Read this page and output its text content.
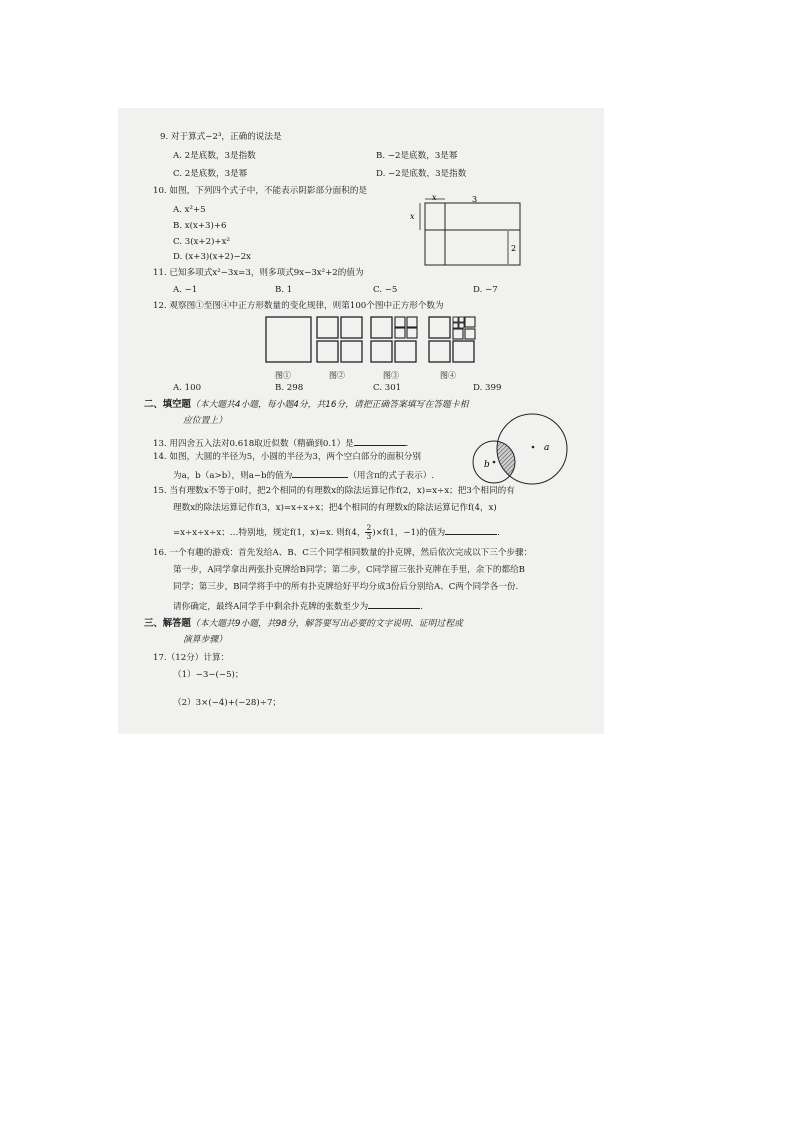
9. 对于算式−2³，正确的说法是
A. 2是底数，3是指数	B. −2是底数，3是幂
C. 2是底数，3是幂	D. −2是底数，3是指数
10. 如图，下列四个式子中，不能表示阴影部分面积的是
A. x²+5
B. x(x+3)+6
C. 3(x+2)+x²
D. (x+3)(x+2)−2x
x	3
x
2
11. 已知多项式x²−3x=3，则多项式9x−3x²+2的值为
A. −1	B. 1	C. −5	D. −7
12. 观察图①至图④中正方形数量的变化规律，则第100个图中正方形个数为
图①	图②	图③	图④
A. 100	B. 298	C. 301	D. 399
二、填空题（本大题共4小题，每小题4分，共16分，请把正确答案填写在答题卡相
应位置上）
13. 用四舍五入法对0.618取近似数（精确到0.1）是	.
14. 如图，大圆的半径为5，小圆的半径为3，两个空白部分的面积分别
为a，b（a>b），则a−b的值为	（用含π的式子表示）.
a
b
15. 当有理数x不等于0时，把2个相同的有理数x的除法运算记作f(2，x)=x÷x；把3个相同的有
理数x的除法运算记作f(3，x)=x÷x÷x；把4个相同的有理数x的除法运算记作f(4，x)
=x÷x÷x÷x；…特别地，规定f(1，x)=x. 则f(4， $\frac{2}{3} )\times f(1$，−1)的值为	.
16. 一个有趣的游戏：首先发给A、B、C三个同学相同数量的扑克牌，然后依次完成以下三个步骤：
第一步，A同学拿出两张扑克牌给B同学；第二步，C同学留三张扑克牌在手里，余下的都给B
同学；第三步，B同学将手中的所有扑克牌给好平均分成3份后分别给A、C两个同学各一份.
请你确定，最终A同学手中剩余扑克牌的张数至少为	.
三、解答题（本大题共9小题，共98分，解答要写出必要的文字说明、证明过程或
演算步骤）
17.（12分）计算：
（1）−3−(−5)；
（2）3×(−4)+(−28)÷7；
